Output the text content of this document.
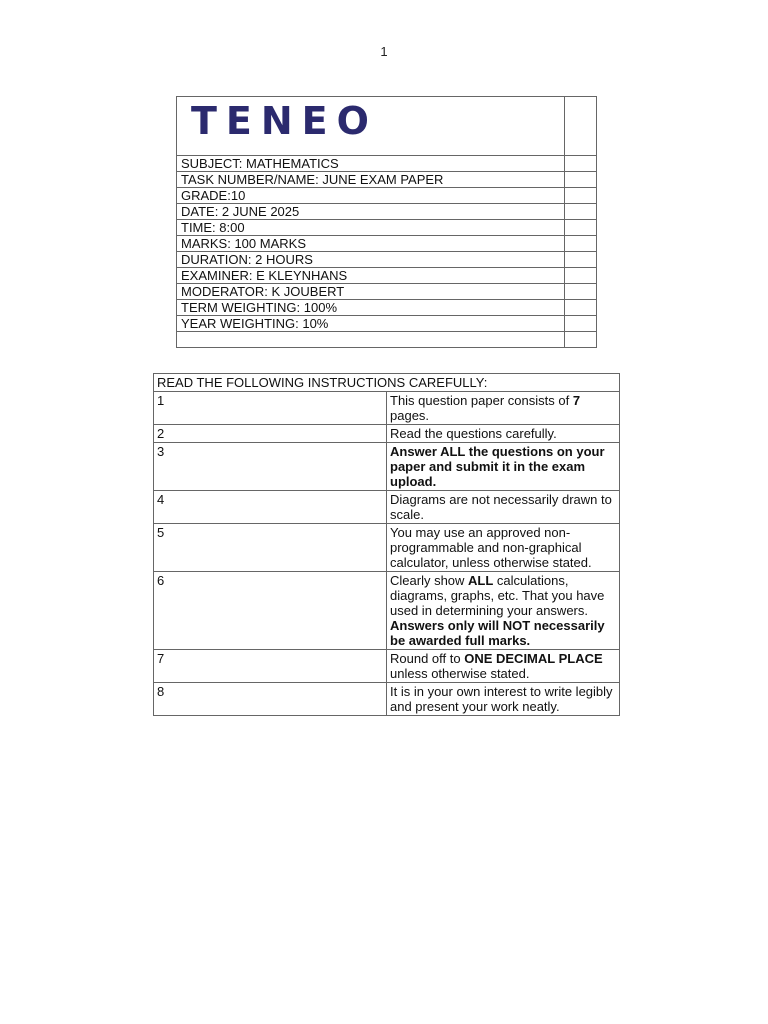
1
TENEO	

SUBJECT: MATHEMATICS	
TASK NUMBER/NAME: JUNE EXAM PAPER	
GRADE:10	
DATE: 2 JUNE 2025	
TIME: 8:00	
MARKS: 100 MARKS	
DURATION: 2 HOURS	
EXAMINER: E KLEYNHANS	
MODERATOR: K JOUBERT	
TERM WEIGHTING: 100%	
YEAR WEIGHTING: 10%	

READ THE FOLLOWING INSTRUCTIONS CAREFULLY:	
1	This question paper consists of 7 pages.
2	Read the questions carefully.
3	Answer ALL the questions on your paper and submit it in the exam upload.
4	Diagrams are not necessarily drawn to scale.
5	You may use an approved non-programmable and non-graphical calculator, unless otherwise stated.
6	Clearly show ALL calculations, diagrams, graphs, etc. That you have used in determining your answers. Answers only will NOT necessarily be awarded full marks.
7	Round off to ONE DECIMAL PLACE unless otherwise stated.
8	It is in your own interest to write legibly and present your work neatly.
